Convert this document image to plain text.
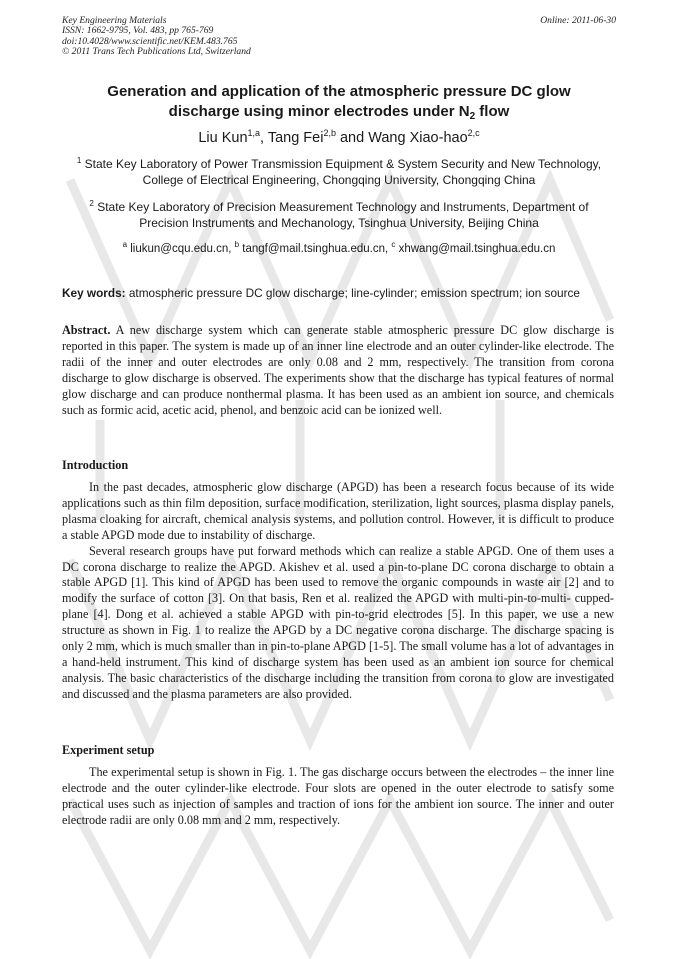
Key Engineering Materials
ISSN: 1662-9795, Vol. 483, pp 765-769
doi:10.4028/www.scientific.net/KEM.483.765
© 2011 Trans Tech Publications Ltd, Switzerland
Online: 2011-06-30
Generation and application of the atmospheric pressure DC glow
discharge using minor electrodes under $N_2$ flow
Liu Kun$^{1,a}$, Tang Fei$^{2,b}$ and Wang Xiao-hao$^{2,c}$
$^1$ State Key Laboratory of Power Transmission Equipment & System Security and New Technology,
College of Electrical Engineering, Chongqing University, Chongqing China
$^2$ State Key Laboratory of Precision Measurement Technology and Instruments, Department of
Precision Instruments and Mechanology, Tsinghua University, Beijing China
$^a$ liukun@cqu.edu.cn, $^b$ tangf@mail.tsinghua.edu.cn, $^c$ xhwang@mail.tsinghua.edu.cn
Key words: atmospheric pressure DC glow discharge; line-cylinder; emission spectrum; ion source

Abstract. A new discharge system which can generate stable atmospheric pressure DC glow discharge is reported in this paper. The system is made up of an inner line electrode and an outer cylinder-like electrode. The radii of the inner and outer electrodes are only 0.08 and 2 mm, respectively. The transition from corona discharge to glow discharge is observed. The experiments show that the discharge has typical features of normal glow discharge and can produce nonthermal plasma. It has been used as an ambient ion source, and chemicals such as formic acid, acetic acid, phenol, and benzoic acid can be ionized well.

Introduction

In the past decades, atmospheric glow discharge (APGD) has been a research focus because of its wide applications such as thin film deposition, surface modification, sterilization, light sources, plasma display panels, plasma cloaking for aircraft, chemical analysis systems, and pollution control. However, it is difficult to produce a stable APGD mode due to instability of discharge.

Several research groups have put forward methods which can realize a stable APGD. One of them uses a DC corona discharge to realize the APGD. Akishev et al. used a pin-to-plane DC corona discharge to obtain a stable APGD [1]. This kind of APGD has been used to remove the organic compounds in waste air [2] and to modify the surface of cotton [3]. On that basis, Ren et al. realized the APGD with multi-pin-to-multi- cupped-plane [4]. Dong et al. achieved a stable APGD with pin-to-grid electrodes [5]. In this paper, we use a new structure as shown in Fig. 1 to realize the APGD by a DC negative corona discharge. The discharge spacing is only 2 mm, which is much smaller than in pin-to-plane APGD [1-5]. The small volume has a lot of advantages in a hand-held instrument. This kind of discharge system has been used as an ambient ion source for chemical analysis. The basic characteristics of the discharge including the transition from corona to glow are investigated and discussed and the plasma parameters are also provided.

Experiment setup

The experimental setup is shown in Fig. 1. The gas discharge occurs between the electrodes – the inner line electrode and the outer cylinder-like electrode. Four slots are opened in the outer electrode to satisfy some practical uses such as injection of samples and traction of ions for the ambient ion source. The inner and outer electrode radii are only 0.08 mm and 2 mm, respectively.
